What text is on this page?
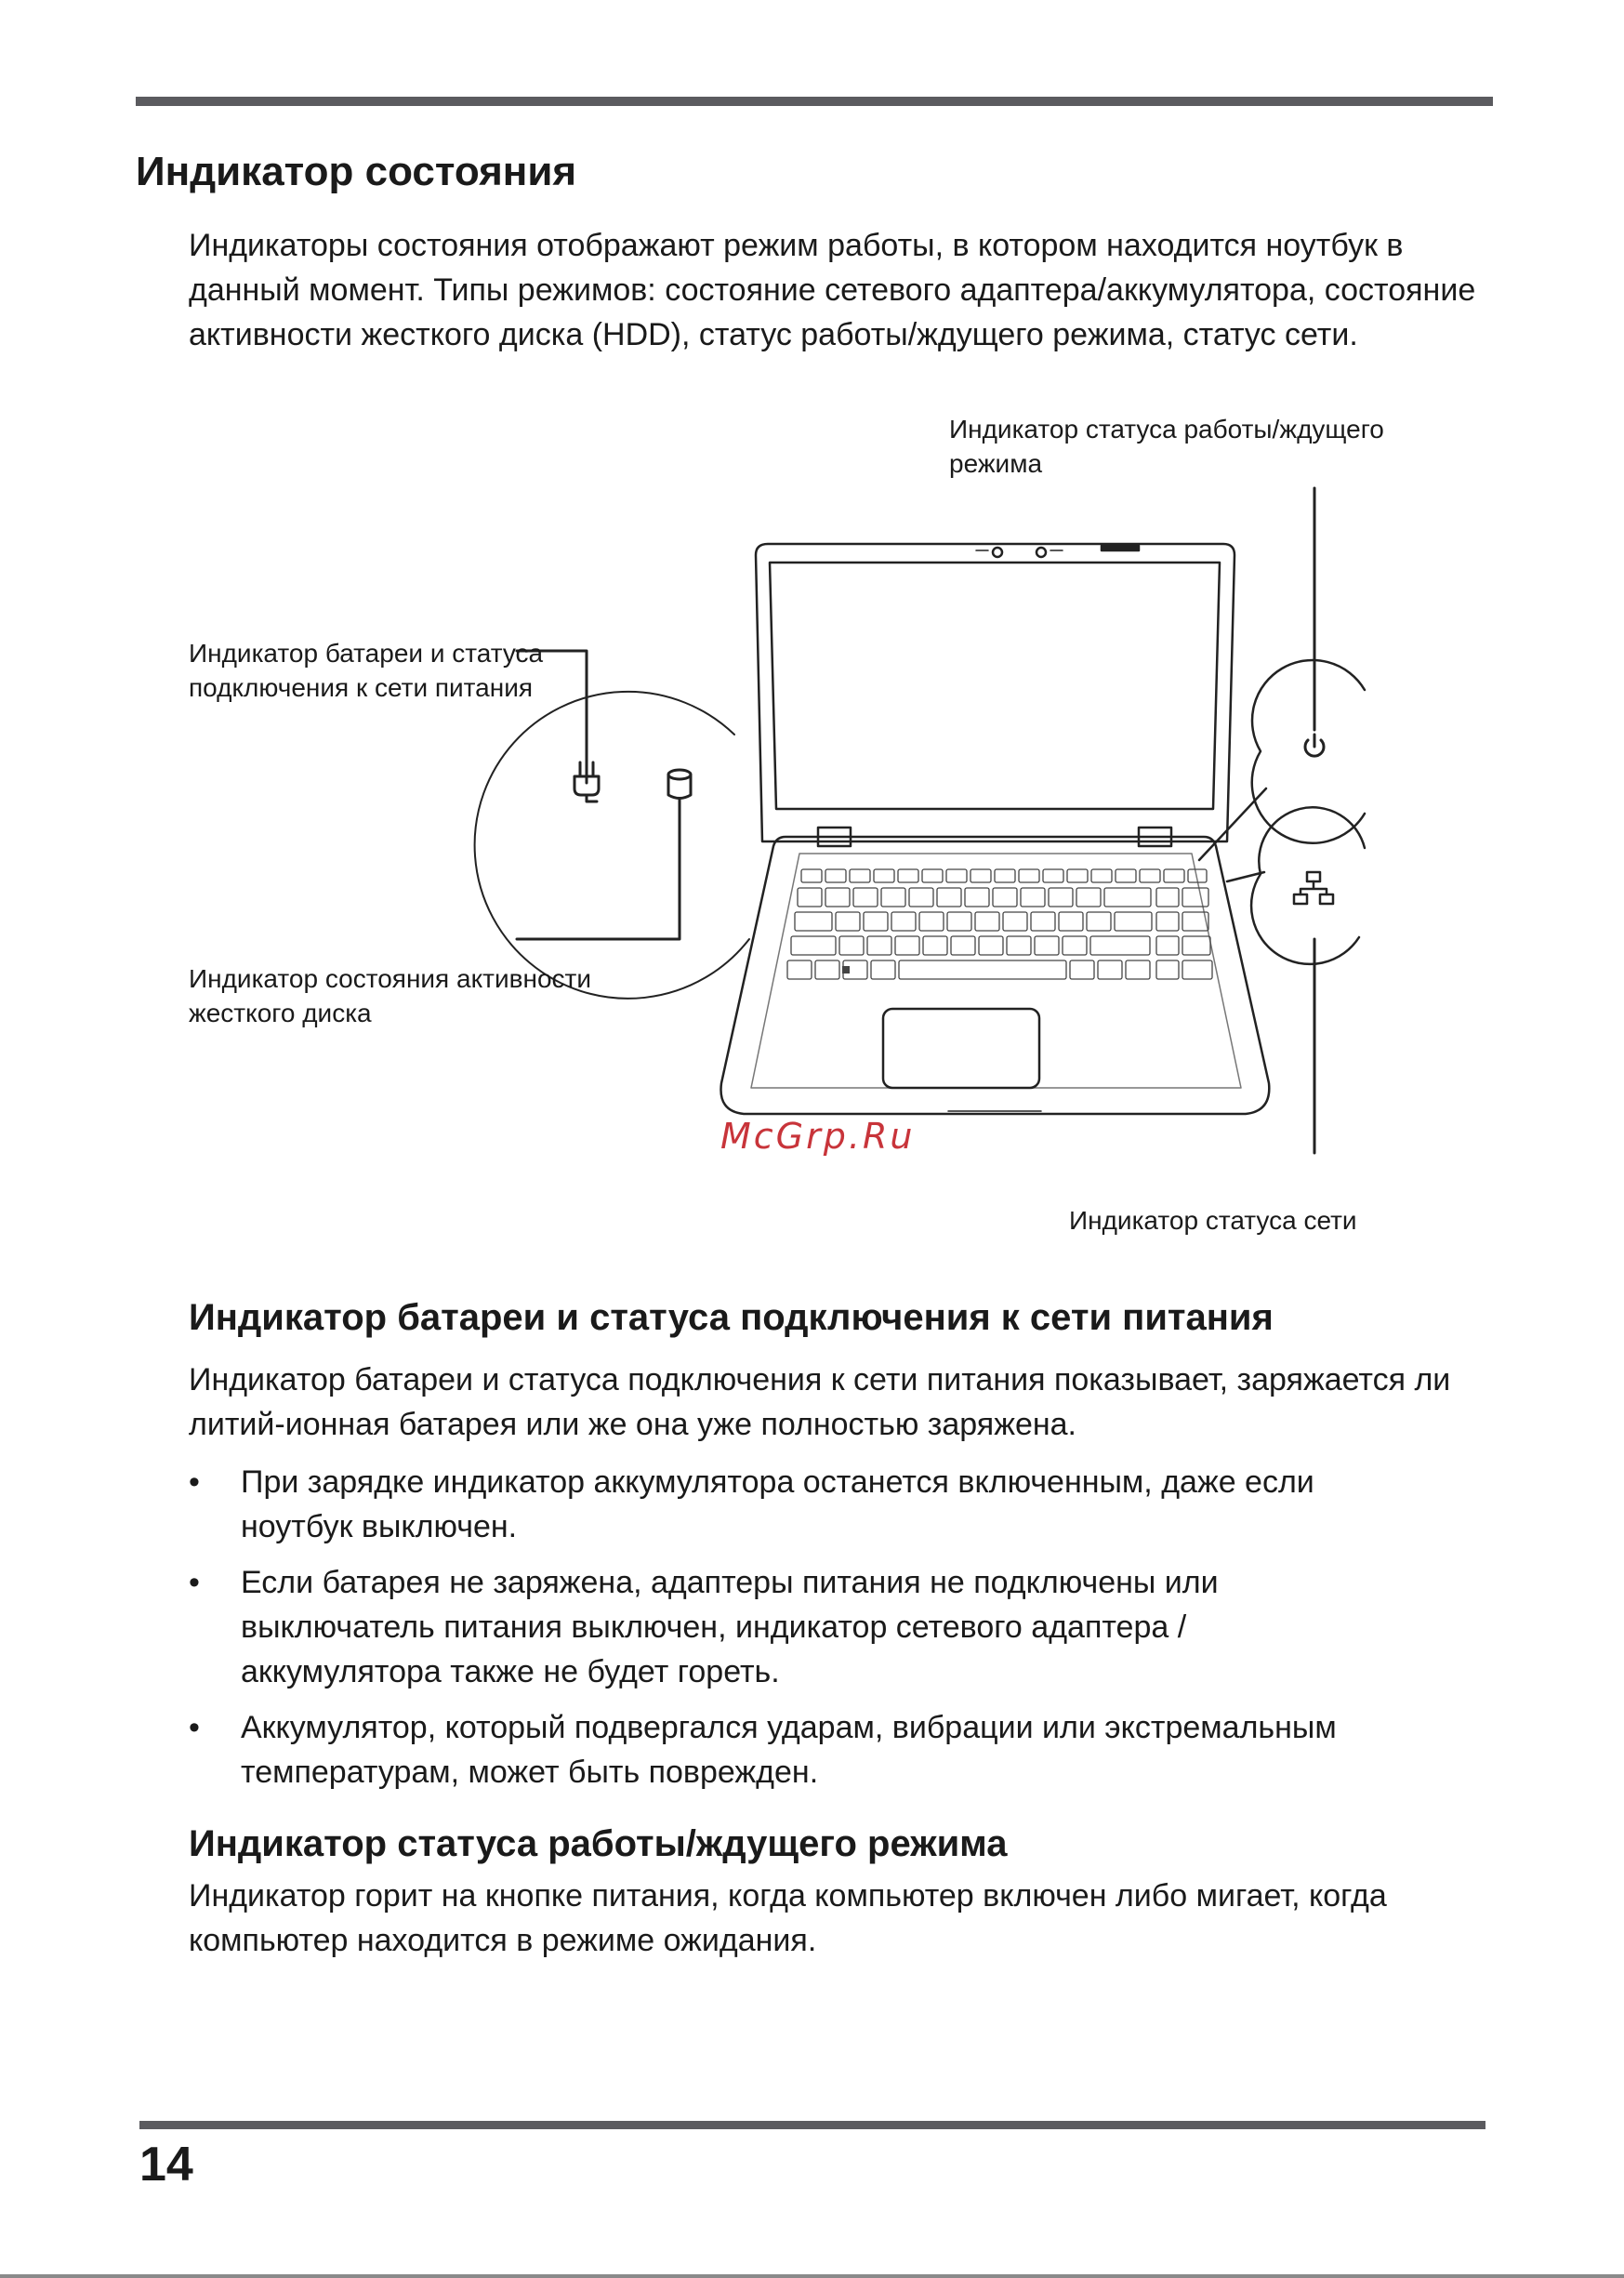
Индикатор состояния

Индикаторы состояния отображают режим работы, в котором находится ноутбук в данный момент. Типы режимов: состояние сетевого адаптера/аккумулятора, состояние активности жесткого диска (HDD), статус работы/ждущего режима, статус сети.

Индикатор статуса работы/ждущего режима

Индикатор батареи и статуса подключения к сети питания

Индикатор состояния активности жесткого диска

Индикатор статуса сети

McGrp.Ru
Индикатор батареи и статуса подключения к сети питания

Индикатор батареи и статуса подключения к сети питания показывает, заряжается ли литий-ионная батарея или же она уже полностью заряжена.

• При зарядке индикатор аккумулятора останется включенным, даже если ноутбук выключен.
• Если батарея не заряжена, адаптеры питания не подключены или выключатель питания выключен, индикатор сетевого адаптера / аккумулятора также не будет гореть.
• Аккумулятор, который подвергался ударам, вибрации или экстремальным температурам, может быть поврежден.
Индикатор статуса работы/ждущего режима

Индикатор горит на кнопке питания, когда компьютер включен либо мигает, когда компьютер находится в режиме ожидания.

14
